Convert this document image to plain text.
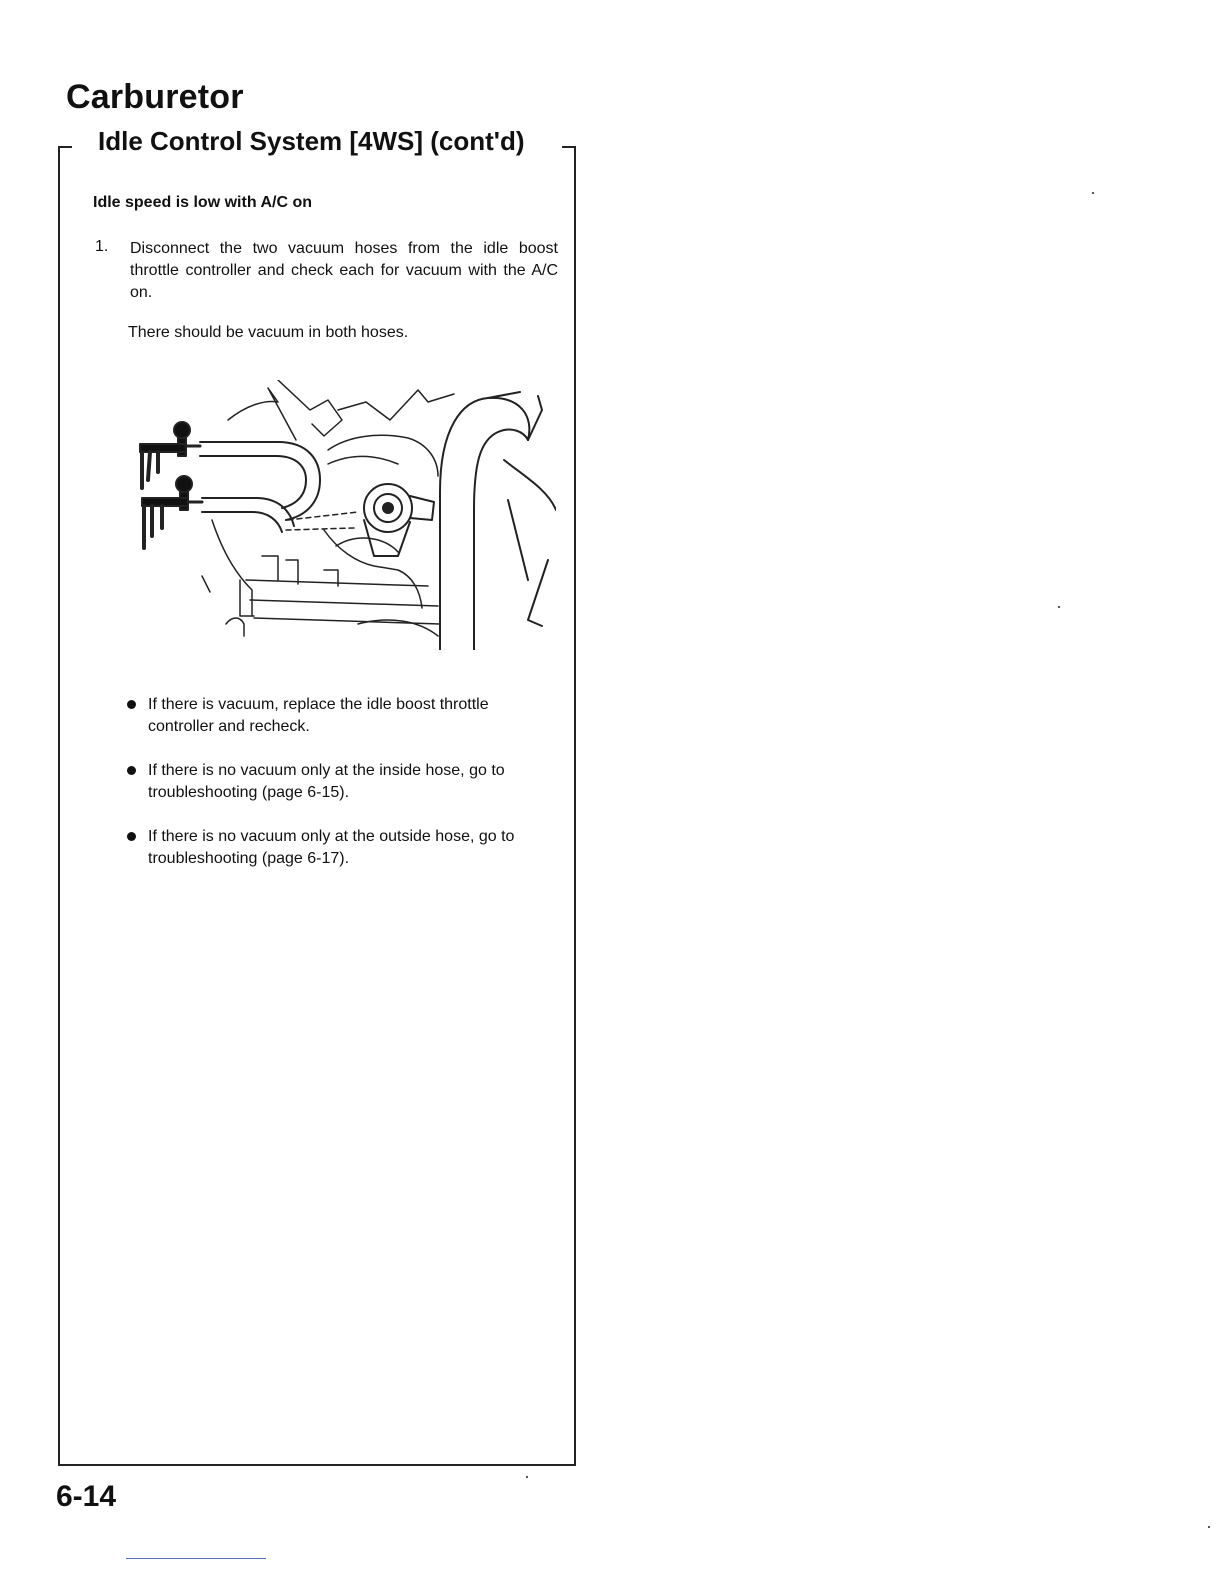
Carburetor
Idle Control System [4WS] (cont'd)
Idle speed is low with A/C on
1. Disconnect the two vacuum hoses from the idle boost throttle controller and check each for vacuum with the A/C on.
There should be vacuum in both hoses.
If there is vacuum, replace the idle boost throttle controller and recheck.
If there is no vacuum only at the inside hose, go to troubleshooting (page 6-15).
If there is no vacuum only at the outside hose, go to troubleshooting (page 6-17).
6-14
